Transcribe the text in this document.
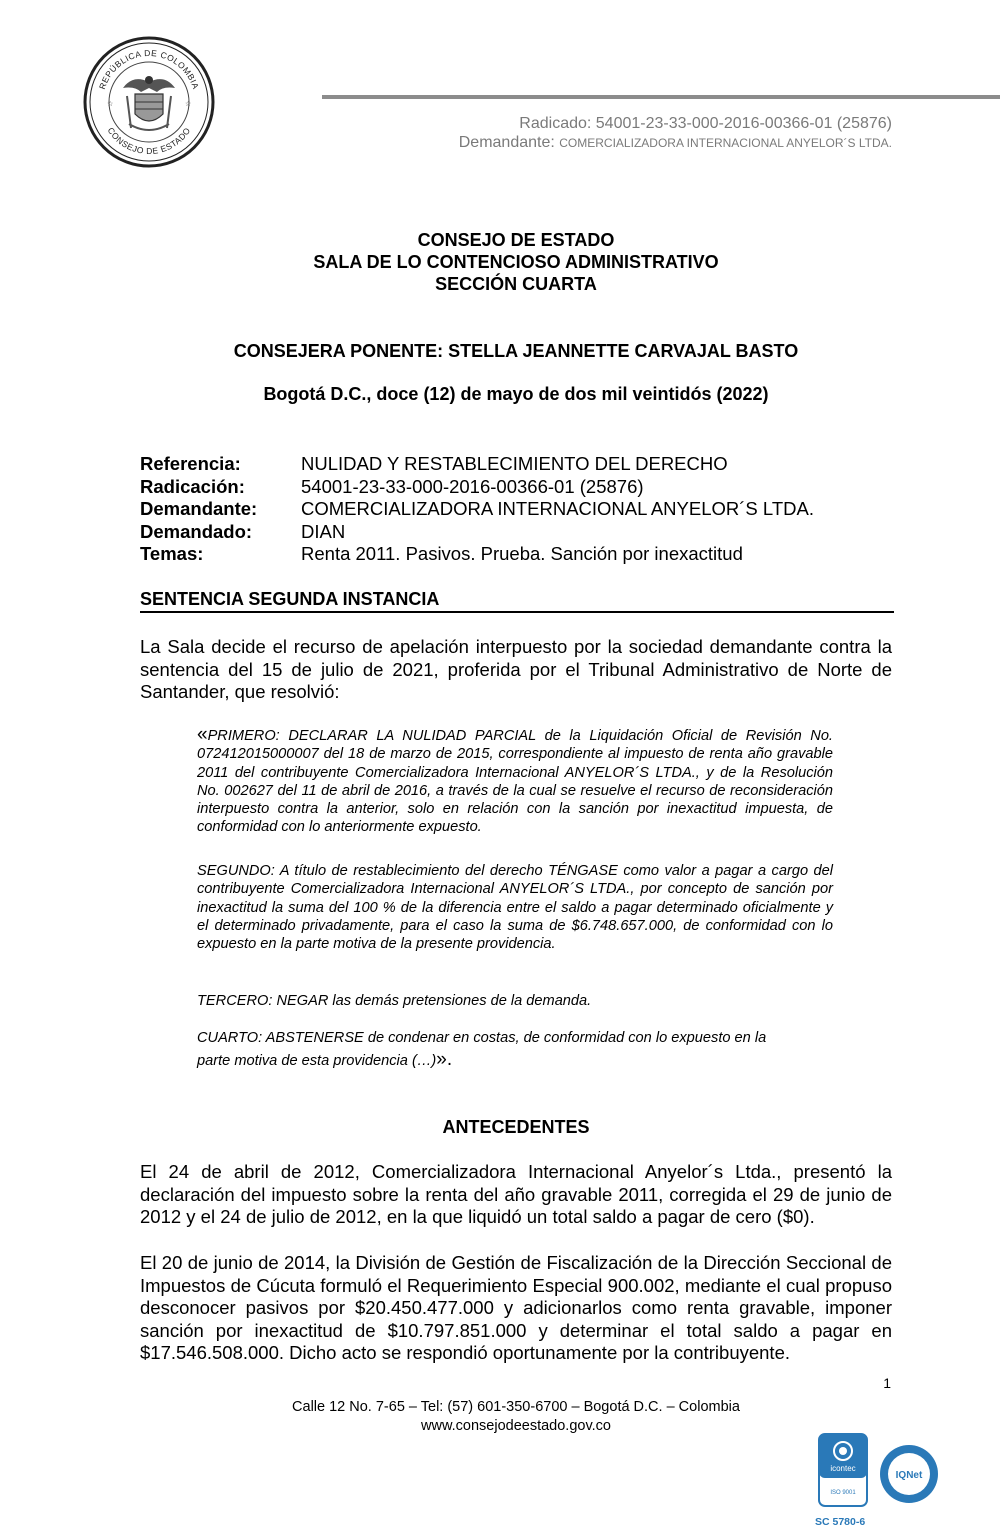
REPÚBLICA DE COLOMBIA
CONSEJO DE ESTADO
☆	☆
Radicado: 54001-23-33-000-2016-00366-01 (25876)
Demandante: COMERCIALIZADORA INTERNACIONAL ANYELOR´S LTDA.
CONSEJO DE ESTADO
SALA DE LO CONTENCIOSO ADMINISTRATIVO
SECCIÓN CUARTA
CONSEJERA PONENTE: STELLA JEANNETTE CARVAJAL BASTO
Bogotá D.C., doce (12) de mayo de dos mil veintidós (2022)
Referencia:	NULIDAD Y RESTABLECIMIENTO DEL DERECHO
Radicación:	54001-23-33-000-2016-00366-01 (25876)
Demandante:	COMERCIALIZADORA INTERNACIONAL ANYELOR´S LTDA.
Demandado:	DIAN
Temas:	Renta 2011. Pasivos. Prueba. Sanción por inexactitud
SENTENCIA SEGUNDA INSTANCIA
La Sala decide el recurso de apelación interpuesto por la sociedad demandante contra la sentencia del 15 de julio de 2021, proferida por el Tribunal Administrativo de Norte de Santander, que resolvió:
«PRIMERO: DECLARAR LA NULIDAD PARCIAL de la Liquidación Oficial de Revisión No. 072412015000007 del 18 de marzo de 2015, correspondiente al impuesto de renta año gravable 2011 del contribuyente Comercializadora Internacional ANYELOR´S LTDA., y de la Resolución No. 002627 del 11 de abril de 2016, a través de la cual se resuelve el recurso de reconsideración interpuesto contra la anterior, solo en relación con la sanción por inexactitud impuesta, de conformidad con lo anteriormente expuesto.
SEGUNDO: A título de restablecimiento del derecho TÉNGASE como valor a pagar a cargo del contribuyente Comercializadora Internacional ANYELOR´S LTDA., por concepto de sanción por inexactitud la suma del 100 % de la diferencia entre el saldo a pagar determinado oficialmente y el determinado privadamente, para el caso la suma de $6.748.657.000, de conformidad con lo expuesto en la parte motiva de la presente providencia.
TERCERO: NEGAR las demás pretensiones de la demanda.
CUARTO: ABSTENERSE de condenar en costas, de conformidad con lo expuesto en la
parte motiva de esta providencia (…)».
ANTECEDENTES
El 24 de abril de 2012, Comercializadora Internacional Anyelor´s Ltda., presentó la declaración del impuesto sobre la renta del año gravable 2011, corregida el 29 de junio de 2012 y el 24 de julio de 2012, en la que liquidó un total saldo a pagar de cero ($0).
El 20 de junio de 2014, la División de Gestión de Fiscalización de la Dirección Seccional de Impuestos de Cúcuta formuló el Requerimiento Especial 900.002, mediante el cual propuso desconocer pasivos por $20.450.477.000 y adicionarlos como renta gravable, imponer sanción por inexactitud de $10.797.851.000 y determinar el total saldo a pagar en $17.546.508.000. Dicho acto se respondió oportunamente por la contribuyente.
1
Calle 12 No. 7-65 – Tel: (57) 601-350-6700 – Bogotá D.C. – Colombia
www.consejodeestado.gov.co
icontec
ISO 9001
IQNet
SC 5780-6
